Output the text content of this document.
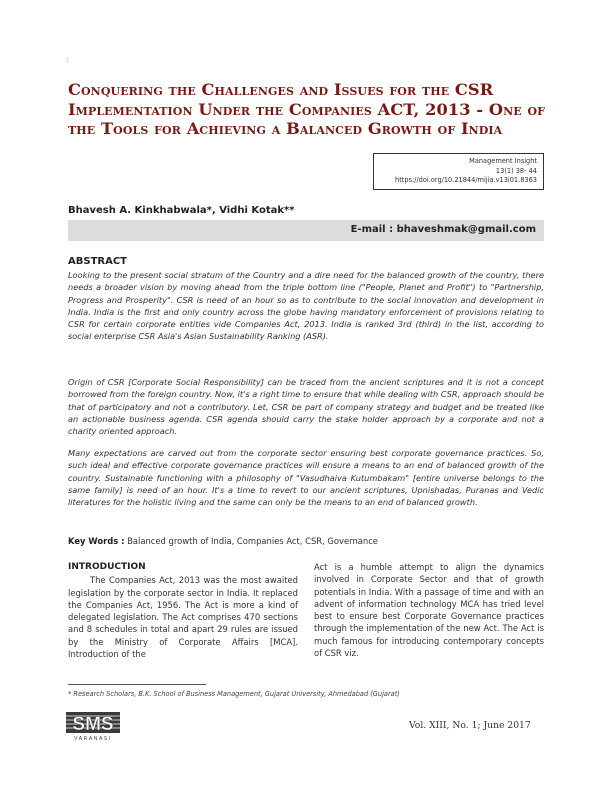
:
Conquering the Challenges and Issues for the CSR Implementation Under the Companies ACT, 2013 - One of the Tools for Achieving a Balanced Growth of India
Management Insight
13(1) 38- 44
https://doi.org/10.21844/mijia.v13i01.8363
Bhavesh A. Kinkhabwala*, Vidhi Kotak**
E-mail : bhaveshmak@gmail.com
ABSTRACT

Looking to the present social stratum of the Country and a dire need for the balanced growth of the country, there needs a broader vision by moving ahead from the triple bottom line ("People, Planet and Profit") to "Partnership, Progress and Prosperity". CSR is need of an hour so as to contribute to the social innovation and development in India. India is the first and only country across the globe having mandatory enforcement of provisions relating to CSR for certain corporate entities vide Companies Act, 2013. India is ranked 3rd (third) in the list, according to social enterprise CSR Asia's Asian Sustainability Ranking (ASR).

Origin of CSR [Corporate Social Responsibility] can be traced from the ancient scriptures and it is not a concept borrowed from the foreign country. Now, it's a right time to ensure that while dealing with CSR, approach should be that of participatory and not a contributory. Let, CSR be part of company strategy and budget and be treated like an actionable business agenda. CSR agenda should carry the stake holder approach by a corporate and not a charity oriented approach.

Many expectations are carved out from the corporate sector ensuring best corporate governance practices. So, such ideal and effective corporate governance practices will ensure a means to an end of balanced growth of the country. Sustainable functioning with a philosophy of "Vasudhaiva Kutumbakam" [entire universe belongs to the same family] is need of an hour. It's a time to revert to our ancient scriptures, Upnishadas, Puranas and Vedic literatures for the holistic living and the same can only be the means to an end of balanced growth.

Key Words : Balanced growth of India, Companies Act, CSR, Governance
INTRODUCTION

The Companies Act, 2013 was the most awaited legislation by the corporate sector in India. It replaced the Companies Act, 1956. The Act is more a kind of delegated legislation. The Act comprises 470 sections and 8 schedules in total and apart 29 rules are issued by the Ministry of Corporate Affairs [MCA]. Introduction of the

Act is a humble attempt to align the dynamics involved in Corporate Sector and that of growth potentials in India. With a passage of time and with an advent of information technology MCA has tried level best to ensure best Corporate Governance practices through the implementation of the new Act. The Act is much famous for introducing contemporary concepts of CSR viz.

* Research Scholars, B.K. School of Business Management, Gujarat University, Ahmedabad (Gujarat)
SMS
VARANASI
Vol. XIII, No. 1; June 2017
